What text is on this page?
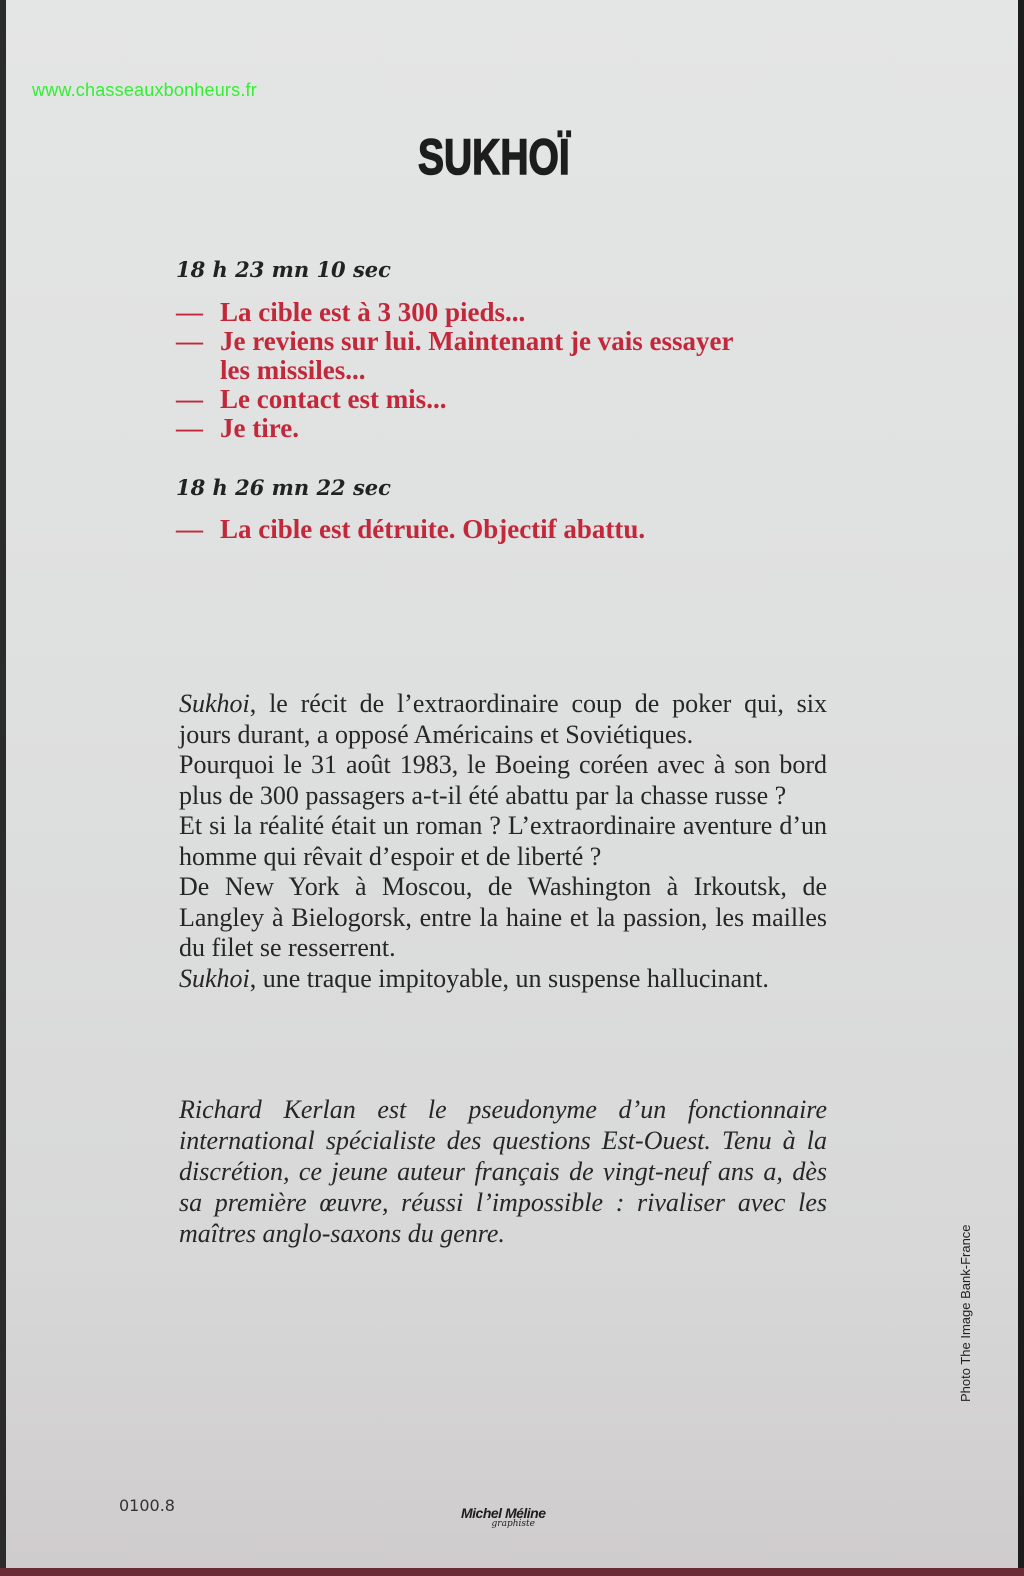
www.chasseauxbonheurs.fr
SUKHOÏ
18 h 23 mn 10 sec
— La cible est à 3 300 pieds...
— Je reviens sur lui. Maintenant je vais essayer
les missiles...
— Le contact est mis...
— Je tire.
18 h 26 mn 22 sec
— La cible est détruite. Objectif abattu.

Sukhoi, le récit de l’extraordinaire coup de poker qui, six jours durant, a opposé Américains et Soviétiques.

Pourquoi le 31 août 1983, le Boeing coréen avec à son bord plus de 300 passagers a-t-il été abattu par la chasse russe ?

Et si la réalité était un roman ? L’extraordinaire aventure d’un homme qui rêvait d’espoir et de liberté ?

De New York à Moscou, de Washington à Irkoutsk, de Langley à Bielogorsk, entre la haine et la passion, les mailles du filet se resserrent.

Sukhoi, une traque impitoyable, un suspense hallucinant.

Richard Kerlan est le pseudonyme d’un fonctionnaire international spécialiste des questions Est-Ouest. Tenu à la discrétion, ce jeune auteur français de vingt-neuf ans a, dès sa première œuvre, réussi l’impossible : rivaliser avec les maîtres anglo-saxons du genre.	Photo The Image Bank-France
0100.8	Michel Méline
graphiste
